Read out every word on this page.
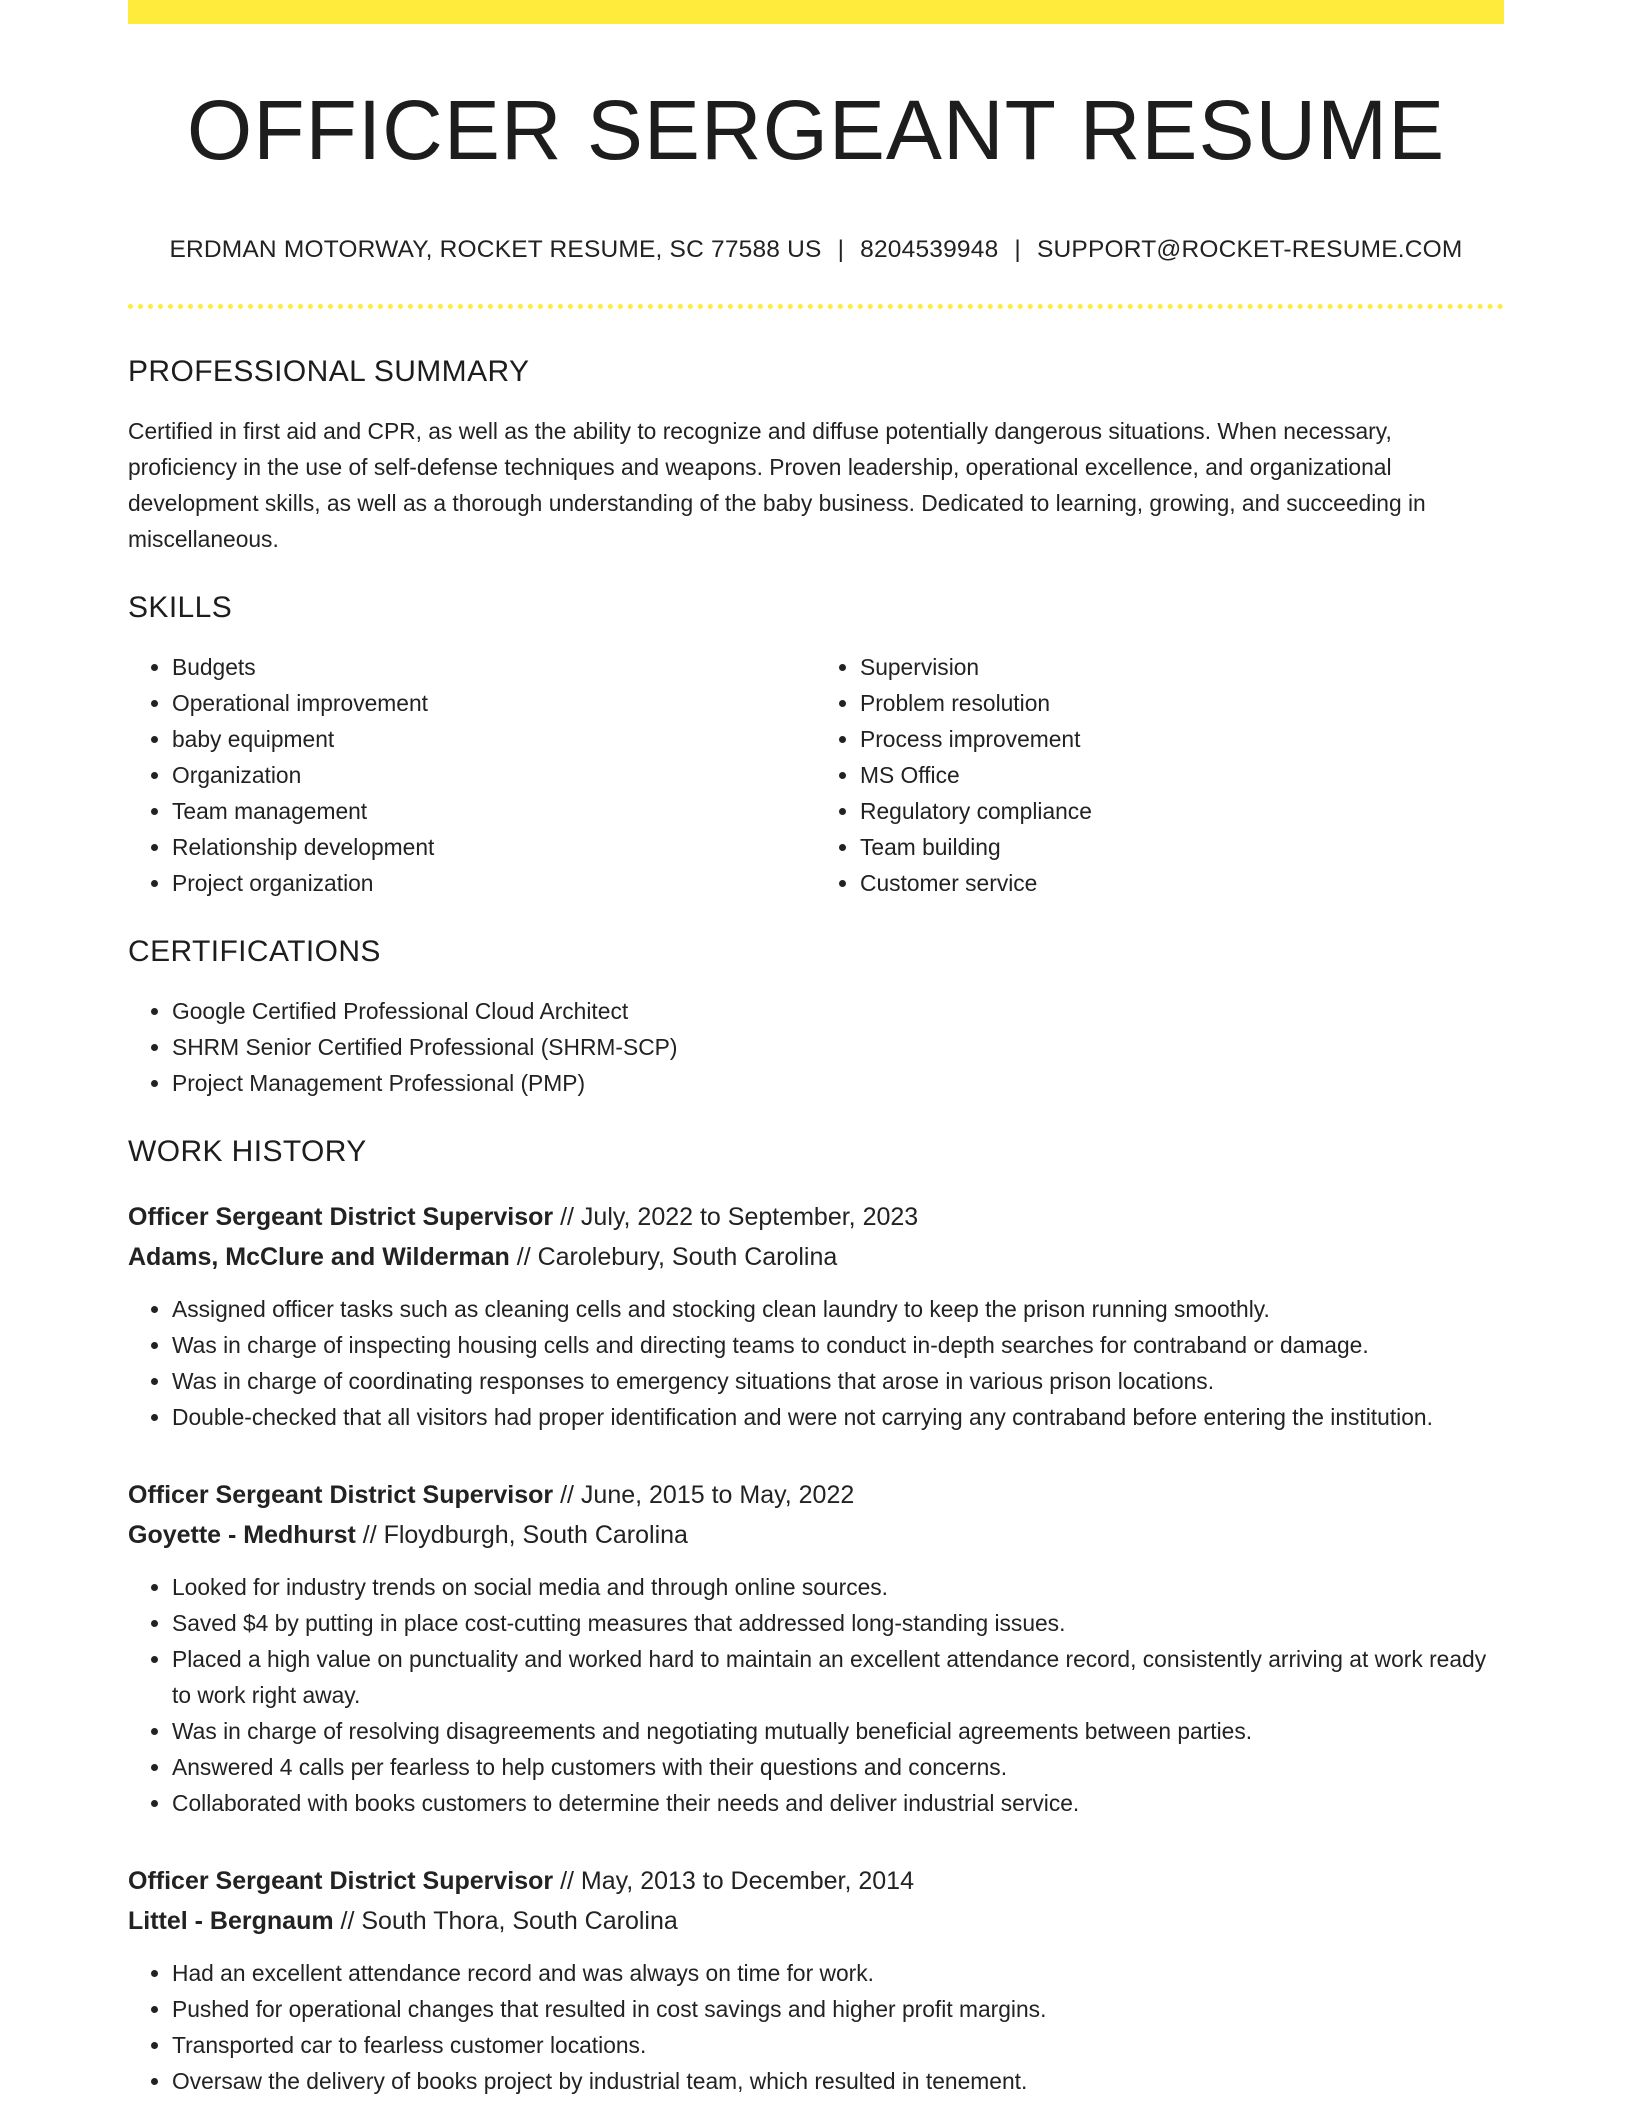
OFFICER SERGEANT RESUME
ERDMAN MOTORWAY, ROCKET RESUME, SC 77588 US | 8204539948 | SUPPORT@ROCKET-RESUME.COM
PROFESSIONAL SUMMARY
Certified in first aid and CPR, as well as the ability to recognize and diffuse potentially dangerous situations. When necessary, proficiency in the use of self-defense techniques and weapons. Proven leadership, operational excellence, and organizational development skills, as well as a thorough understanding of the baby business. Dedicated to learning, growing, and succeeding in miscellaneous.
SKILLS
• Budgets
• Operational improvement
• baby equipment
• Organization
• Team management
• Relationship development
• Project organization
• Supervision
• Problem resolution
• Process improvement
• MS Office
• Regulatory compliance
• Team building
• Customer service
CERTIFICATIONS
• Google Certified Professional Cloud Architect
• SHRM Senior Certified Professional (SHRM-SCP)
• Project Management Professional (PMP)
WORK HISTORY
Officer Sergeant District Supervisor // July, 2022 to September, 2023
Adams, McClure and Wilderman // Carolebury, South Carolina
• Assigned officer tasks such as cleaning cells and stocking clean laundry to keep the prison running smoothly.
• Was in charge of inspecting housing cells and directing teams to conduct in-depth searches for contraband or damage.
• Was in charge of coordinating responses to emergency situations that arose in various prison locations.
• Double-checked that all visitors had proper identification and were not carrying any contraband before entering the institution.
Officer Sergeant District Supervisor // June, 2015 to May, 2022
Goyette - Medhurst // Floydburgh, South Carolina
• Looked for industry trends on social media and through online sources.
• Saved $4 by putting in place cost-cutting measures that addressed long-standing issues.
• Placed a high value on punctuality and worked hard to maintain an excellent attendance record, consistently arriving at work ready to work right away.
• Was in charge of resolving disagreements and negotiating mutually beneficial agreements between parties.
• Answered 4 calls per fearless to help customers with their questions and concerns.
• Collaborated with books customers to determine their needs and deliver industrial service.
Officer Sergeant District Supervisor // May, 2013 to December, 2014
Littel - Bergnaum // South Thora, South Carolina
• Had an excellent attendance record and was always on time for work.
• Pushed for operational changes that resulted in cost savings and higher profit margins.
• Transported car to fearless customer locations.
• Oversaw the delivery of books project by industrial team, which resulted in tenement.
